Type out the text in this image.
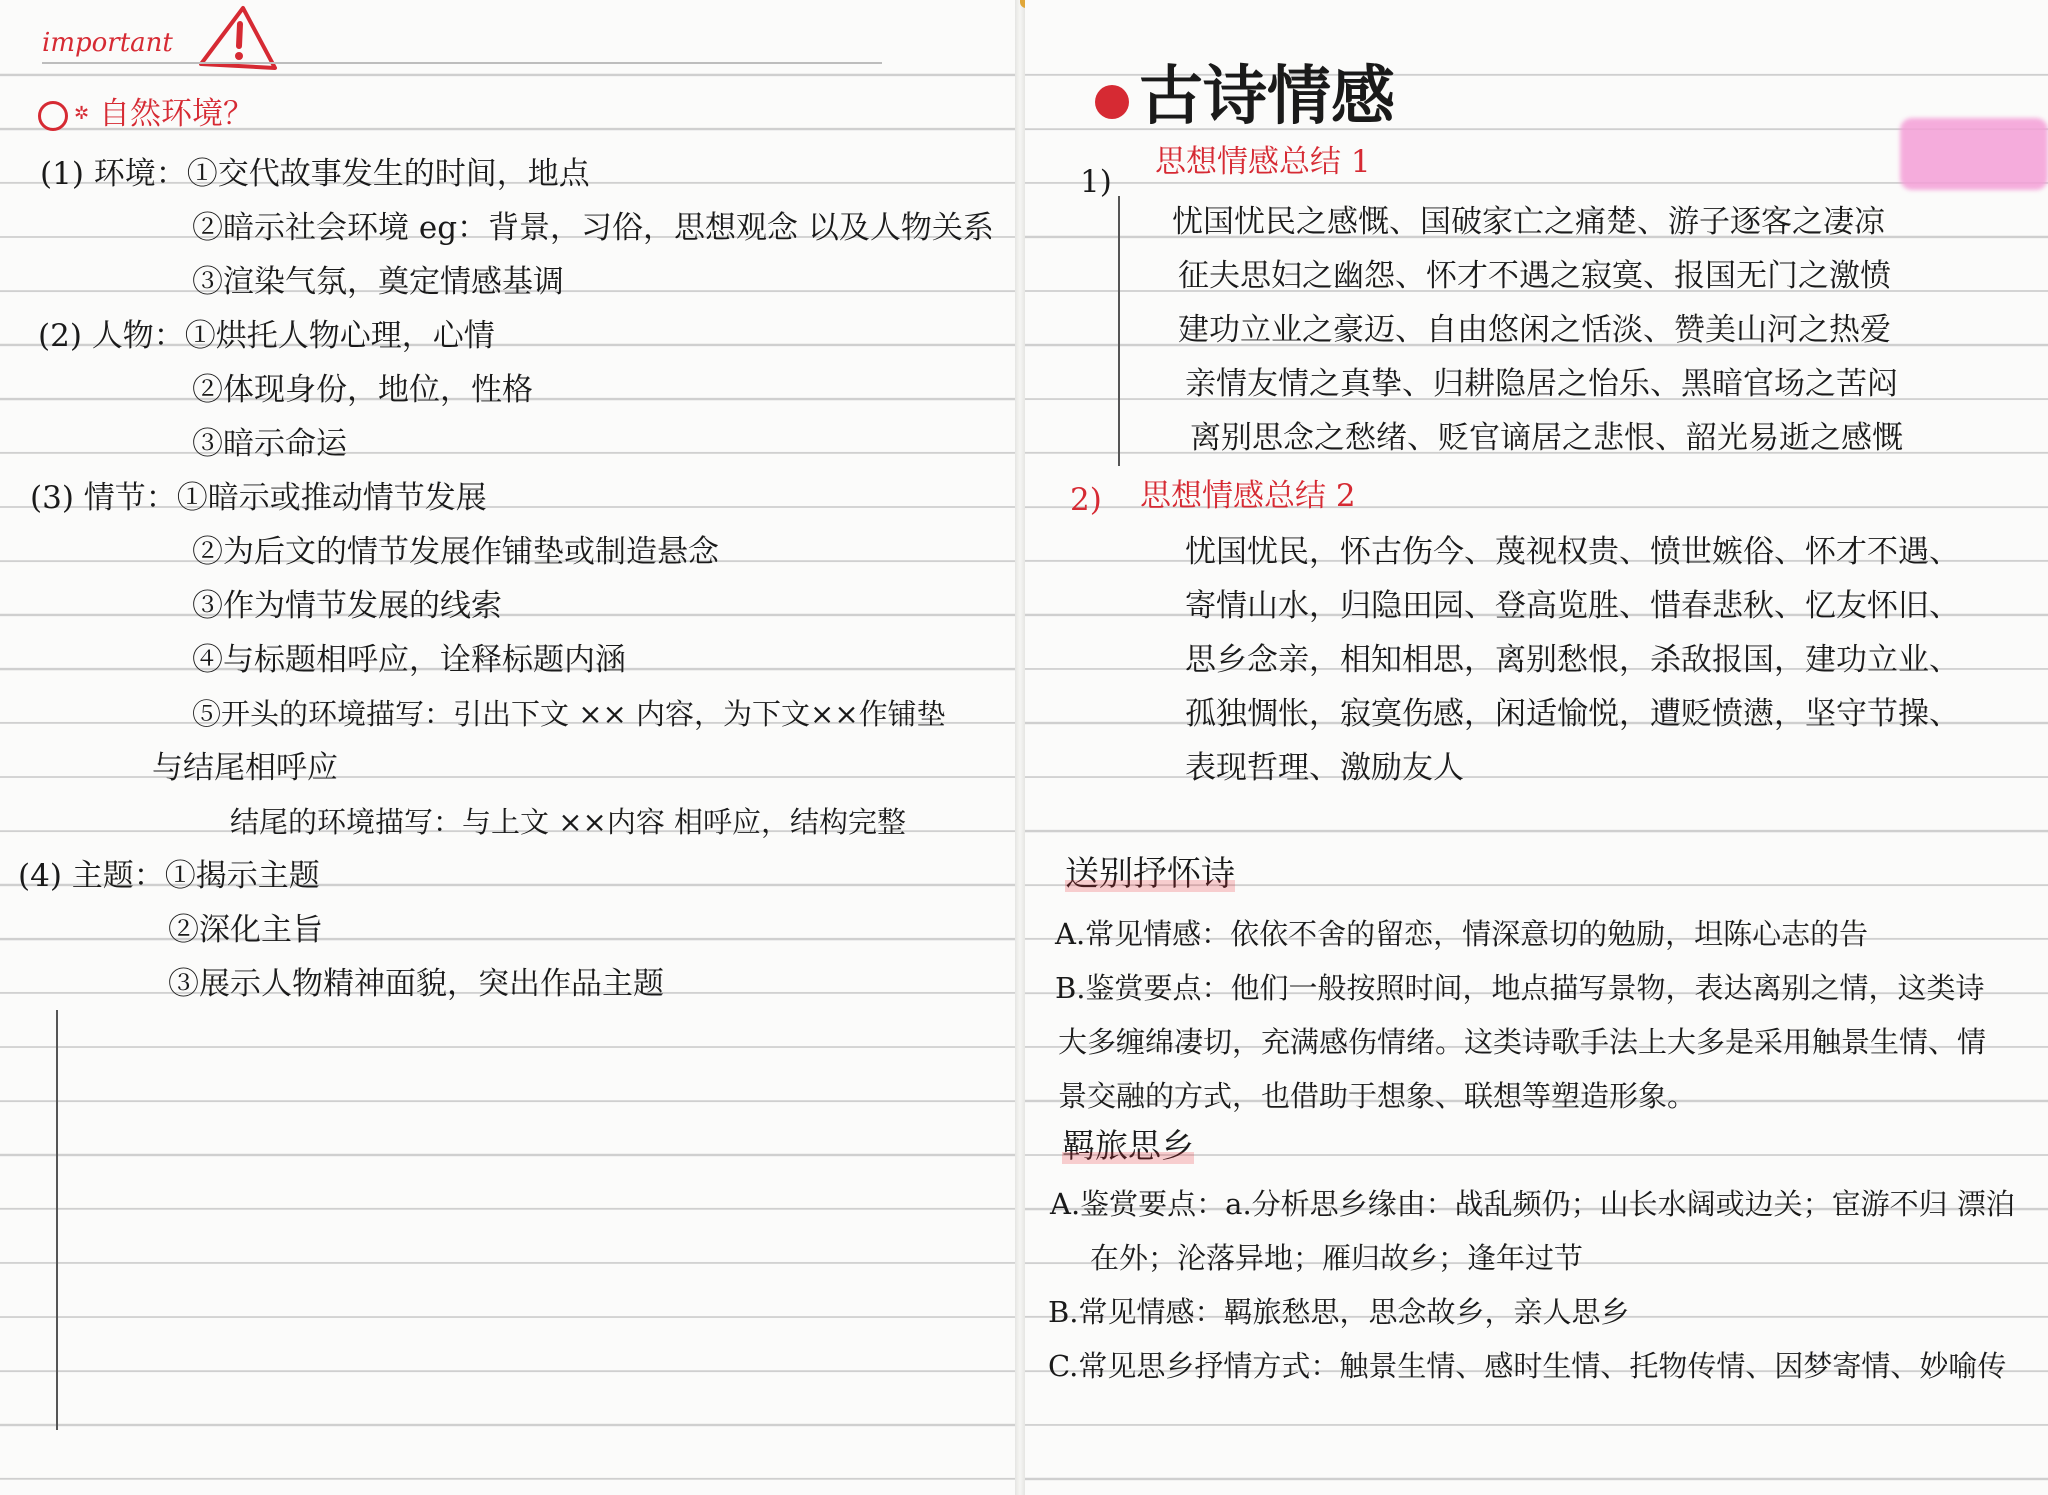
important
✲ 自然环境？
(1) 环境：①交代故事发生的时间，地点
②暗示社会环境 eg：背景，习俗，思想观念 以及人物关系
③渲染气氛，奠定情感基调
(2) 人物：①烘托人物心理，心情
②体现身份，地位，性格
③暗示命运
(3) 情节：①暗示或推动情节发展
②为后文的情节发展作铺垫或制造悬念
③作为情节发展的线索
④与标题相呼应，诠释标题内涵
⑤开头的环境描写：引出下文 ×× 内容，为下文××作铺垫
与结尾相呼应
结尾的环境描写：与上文 ××内容 相呼应，结构完整
(4) 主题：①揭示主题
②深化主旨
③展示人物精神面貌，突出作品主题
古诗情感
1)
思想情感总结 1
忧国忧民之感慨、国破家亡之痛楚、游子逐客之凄凉
征夫思妇之幽怨、怀才不遇之寂寞、报国无门之激愤
建功立业之豪迈、自由悠闲之恬淡、赞美山河之热爱
亲情友情之真挚、归耕隐居之怡乐、黑暗官场之苦闷
离别思念之愁绪、贬官谪居之悲恨、韶光易逝之感慨
2) 思想情感总结 2
忧国忧民，怀古伤今、蔑视权贵、愤世嫉俗、怀才不遇、
寄情山水，归隐田园、登高览胜、惜春悲秋、忆友怀旧、
思乡念亲，相知相思，离别愁恨，杀敌报国，建功立业、
孤独惆怅，寂寞伤感，闲适愉悦，遭贬愤懑，坚守节操、
表现哲理、激励友人
送别抒怀诗
A.常见情感：依依不舍的留恋，情深意切的勉励，坦陈心志的告
B.鉴赏要点：他们一般按照时间，地点描写景物，表达离别之情，这类诗
大多缠绵凄切，充满感伤情绪。这类诗歌手法上大多是采用触景生情、情
景交融的方式，也借助于想象、联想等塑造形象。
羁旅思乡
A.鉴赏要点：a.分析思乡缘由：战乱频仍；山长水阔或边关；宦游不归 漂泊
在外；沦落异地；雁归故乡；逢年过节
B.常见情感：羁旅愁思，思念故乡，亲人思乡
C.常见思乡抒情方式：触景生情、感时生情、托物传情、因梦寄情、妙喻传
